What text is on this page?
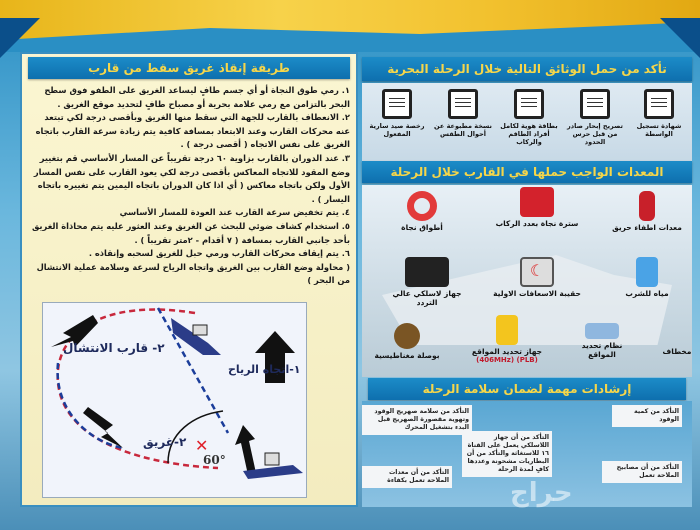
طريقة إنقاذ غريق سقط من قارب

١. رمي طوق النجاة أو أي جسم طافٍ ليساعد الغريق على الطفو فوق سطح البحر بالتزامن مع رمي علامة بحرية أو مصباح طافٍ لتحديد موقع الغريق .

٢. الانعطاف بالقارب للجهة التي سقط منها الغريق وبأقصى درجة لكي تبتعد عنه محركات القارب وعند الابتعاد بمسافة كافية يتم زيادة سرعة القارب باتجاه الغريق على نفس الاتجاه ( أقصى درجة ) .

٣. عند الدوران بالقارب بزاوية ٦٠ درجة تقريباً عن المسار الأساسي قم بتغيير وضع المقود للاتجاه المعاكس بأقصى درجة لكي يعود القارب على نفس المسار الأول ولكن باتجاه معاكس ( أي اذا كان الدوران باتجاه اليمين يتم تغييره باتجاه اليسار ) .

٤. يتم تخفيض سرعة القارب عند العودة للمسار الأساسي

٥. استخدام كشاف ضوئي للبحث عن الغريق وعند العثور عليه يتم محاذاة الغريق بأحد جانبي القارب بمسافة ( ٧ أقدام - ٢متر تقريباً ) .

٦. يتم إيقاف محركات القارب ورمي حبل للغريق لسحبه وإنقاذه .

( محاولة وضع القارب بين الغريق واتجاه الرياح لسرعة وسلامة عملية الانتشال من البحر )

✕
٢- قارب الانتشال
١-اتجاه الرياح
٢-غريق
60°
تأكد من حمل الوثائق التالية خلال الرحلة البحرية
شهادة تسجيل الواسطة
تصريح إبحار صادر من قبل حرس الحدود
بطاقة هوية لكامل أفراد الطاقم والركاب
نسخة مطبوعة عن أحوال الطقس
رخصة صيد سارية المفعول
المعدات الواجب حملها في القارب خلال الرحلة
معدات اطفاء حريق
سترة نجاة بعدد الركاب
أطواق نجاة
مياه للشرب
☾
حقيبة الاسعافات الاولية
جهاز لاسلكي عالي التردد
مخطاف
نظام تحديد المواقع
جهاز تحديد المواقع
(406MHz) (PLB)
بوصلة مغناطيسية
إرشادات مهمة لضمان سلامة الرحلة
التأكد من كمية الوقود
التأكد من سلامة صهريج الوقود وتهوية مقصورة الصهريج قبل البدء بتشغيل المحرك
التأكد من أن جهاز اللاسلكي يعمل على القناة ١٦ للاستغاثة والتأكد من أن البطاريات مشحونة وعددها كافٍ لمدة الرحلة	التأكد من أن مصابيح الملاحة تعمل
التأكد من أن معدات الملاحة تعمل بكفاءة حراج
